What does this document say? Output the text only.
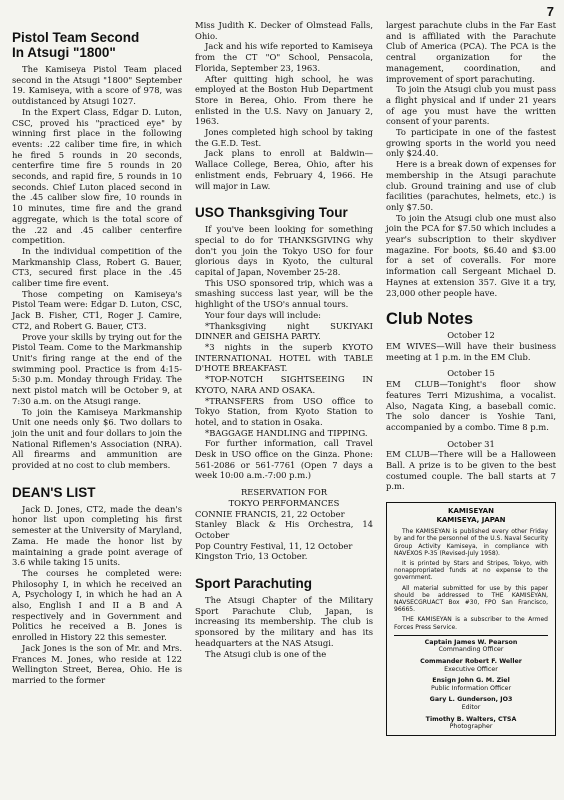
7
Pistol Team Second
In Atsugi "1800"

The Kamiseya Pistol Team placed second in the Atsugi "1800" September 19. Kamiseya, with a score of 978, was outdistanced by Atsugi 1027.

In the Expert Class, Edgar D. Luton, CSC, proved his "practiced eye" by winning first place in the following events: .22 caliber time fire, in which he fired 5 rounds in 20 seconds, centerfire time fire 5 rounds in 20 seconds, and rapid fire, 5 rounds in 10 seconds. Chief Luton placed second in the .45 caliber slow fire, 10 rounds in 10 minutes, time fire and the grand aggregate, which is the total score of the .22 and .45 caliber centerfire competition.

In the individual competition of the Markmanship Class, Robert G. Bauer, CT3, secured first place in the .45 caliber time fire event.

Those competing on Kamiseya's Pistol Team were: Edgar D. Luton, CSC, Jack B. Fisher, CT1, Roger J. Camire, CT2, and Robert G. Bauer, CT3.

Prove your skills by trying out for the Pistol Team. Come to the Markmanship Unit's firing range at the end of the swimming pool. Practice is from 4:15-5:30 p.m. Monday through Friday. The next pistol match will be October 9, at 7:30 a.m. on the Atsugi range.

To join the Kamiseya Markmanship Unit one needs only $6. Two dollars to join the unit and four dollars to join the National Riflemen's Association (NRA). All firearms and ammunition are provided at no cost to club members.

DEAN'S LIST

Jack D. Jones, CT2, made the dean's honor list upon completing his first semester at the University of Maryland, Zama. He made the honor list by maintaining a grade point average of 3.6 while taking 15 units.

The courses he completed were: Philosophy I, in which he received an A, Psychology I, in which he had an A also, English I and II a B and A respectively and in Government and Politics he received a B. Jones is enrolled in History 22 this semester.

Jack Jones is the son of Mr. and Mrs. Frances M. Jones, who reside at 122 Wellington Street, Berea, Ohio. He is married to the former

Miss Judith K. Decker of Olmstead Falls, Ohio.

Jack and his wife reported to Kamiseya from the CT "O" School, Pensacola, Florida, September 23, 1963.

After quitting high school, he was employed at the Boston Hub Department Store in Berea, Ohio. From there he enlisted in the U.S. Navy on January 2, 1963.

Jones completed high school by taking the G.E.D. Test.

Jack plans to enroll at Baldwin—Wallace College, Berea, Ohio, after his enlistment ends, February 4, 1966. He will major in Law.

USO Thanksgiving Tour

If you've been looking for something special to do for THANKSGIVING why don't you join the Tokyo USO for four glorious days in Kyoto, the cultural capital of Japan, November 25-28.

This USO sponsored trip, which was a smashing success last year, will be the highlight of the USO's annual tours.

Your four days will include:

*Thanksgiving night SUKIYAKI DINNER and GEISHA PARTY.

*3 nights in the superb KYOTO INTERNATIONAL HOTEL with TABLE D'HOTE BREAKFAST.

*TOP-NOTCH SIGHTSEEING IN KYOTO, NARA AND OSAKA.

*TRANSFERS from USO office to Tokyo Station, from Kyoto Station to hotel, and to station in Osaka.

*BAGGAGE HANDLING and TIPPING.

For further information, call Travel Desk in USO office on the Ginza. Phone: 561-2086 or 561-7761 (Open 7 days a week 10:00 a.m.-7:00 p.m.)

RESERVATION FOR

TOKYO PERFORMANCES

CONNIE FRANCIS, 21, 22 October

Stanley Black & His Orchestra, 14 October

Pop Country Festival, 11, 12 October

Kingston Trio, 13 October.

Sport Parachuting

The Atsugi Chapter of the Military Sport Parachute Club, Japan, is increasing its membership. The club is sponsored by the military and has its headquarters at the NAS Atsugi.

The Atsugi club is one of the

largest parachute clubs in the Far East and is affiliated with the Parachute Club of America (PCA). The PCA is the central organization for the management, coordination, and improvement of sport parachuting.

To join the Atsugi club you must pass a flight physical and if under 21 years of age you must have the written consent of your parents.

To participate in one of the fastest growing sports in the world you need only $24.40.

Here is a break down of expenses for membership in the Atsugi parachute club. Ground training and use of club facilities (parachutes, helmets, etc.) is only $7.50.

To join the Atsugi club one must also join the PCA for $7.50 which includes a year's subscription to their skydiver magazine. For boots, $6.40 and $3.00 for a set of coveralls. For more information call Sergeant Michael D. Haynes at extension 357. Give it a try, 23,000 other people have.

Club Notes

October 12

EM WIVES—Will have their business meeting at 1 p.m. in the EM Club.

October 15

EM CLUB—Tonight's floor show features Terri Mizushima, a vocalist. Also, Nagata King, a baseball comic. The solo dancer is Yoshie Tani, accompanied by a combo. Time 8 p.m.

October 31

EM CLUB—There will be a Halloween Ball. A prize is to be given to the best costumed couple. The ball starts at 7 p.m.

KAMISEYAN
KAMISEYA, JAPAN

The KAMISEYAN is published every other Friday by and for the personnel of the U.S. Naval Security Group Activity Kamiseya, in compliance with NAVEXOS P-35 (Revised-July 1958).

It is printed by Stars and Stripes, Tokyo, with nonappropriated funds at no expense to the government.

All material submitted for use by this paper should be addressed to THE KAMISEYAN, NAVSECGRUACT Box #30, FPO San Francisco, 96665.

THE KAMISEYAN is a subscriber to the Armed Forces Press Service.

Captain James W. Pearson
Commanding Officer
Commander Robert F. Weller
Executive Officer
Ensign John G. M. Ziel
Public Information Officer
Gary L. Gunderson, JO3
Editor
Timothy B. Walters, CTSA
Photographer
